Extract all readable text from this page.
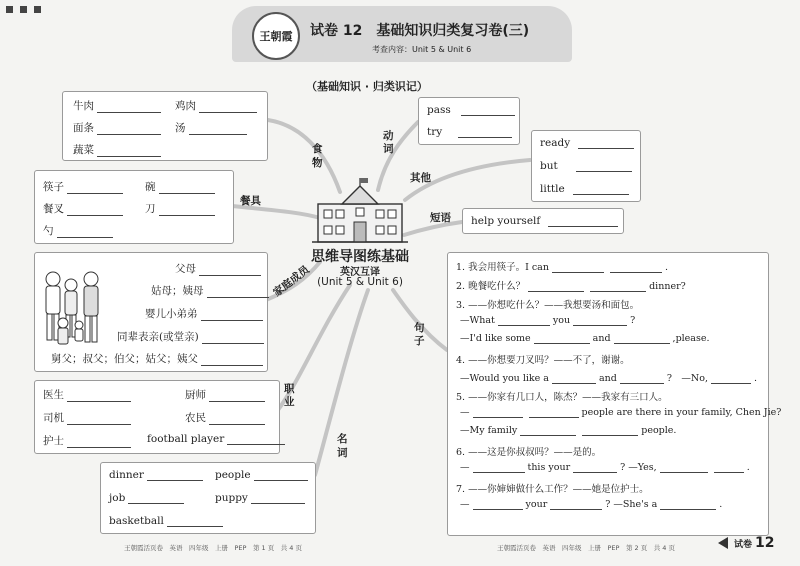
王朝霞 试卷 12　基础知识归类复习卷(三)
考查内容：Unit 5 & Unit 6
（基础知识 · 归类识记）
思维导图练基础
英汉互译
(Unit 5 & Unit 6)
食物
动词
餐具
其他
短语
家庭成员
职业
名词
句子
牛肉	鸡肉
面条	汤
蔬菜
筷子	碗
餐叉	刀
勺
父母
姑母；姨母
婴儿小弟弟
同辈表亲(或堂亲)
舅父；叔父；伯父；姑父；姨父
医生	厨师
司机	农民
护士	football player
dinner	people
job	puppy
basketball
pass
try
ready
but
little
help yourself
1. 我会用筷子。I can	.
2. 晚餐吃什么？	dinner?
3. ——你想吃什么？——我想要汤和面包。
—What	you	?
—I'd like some	and	,please.
4. ——你想要刀叉吗？——不了，谢谢。
—Would you like a	and	?　—No,	.
5. ——你家有几口人，陈杰？——我家有三口人。
—	people are there in your family, Chen Jie?
—My family	people.
6. ——这是你叔叔吗？——是的。
—	this your	? —Yes,	.
7. ——你婶婶做什么工作？——她是位护士。
—	your	? —She's a	.
王朝霞活页卷　英语　四年级　上册　PEP　第 1 页　共 4 页	王朝霞活页卷　英语　四年级　上册　PEP　第 2 页　共 4 页	试卷 12
